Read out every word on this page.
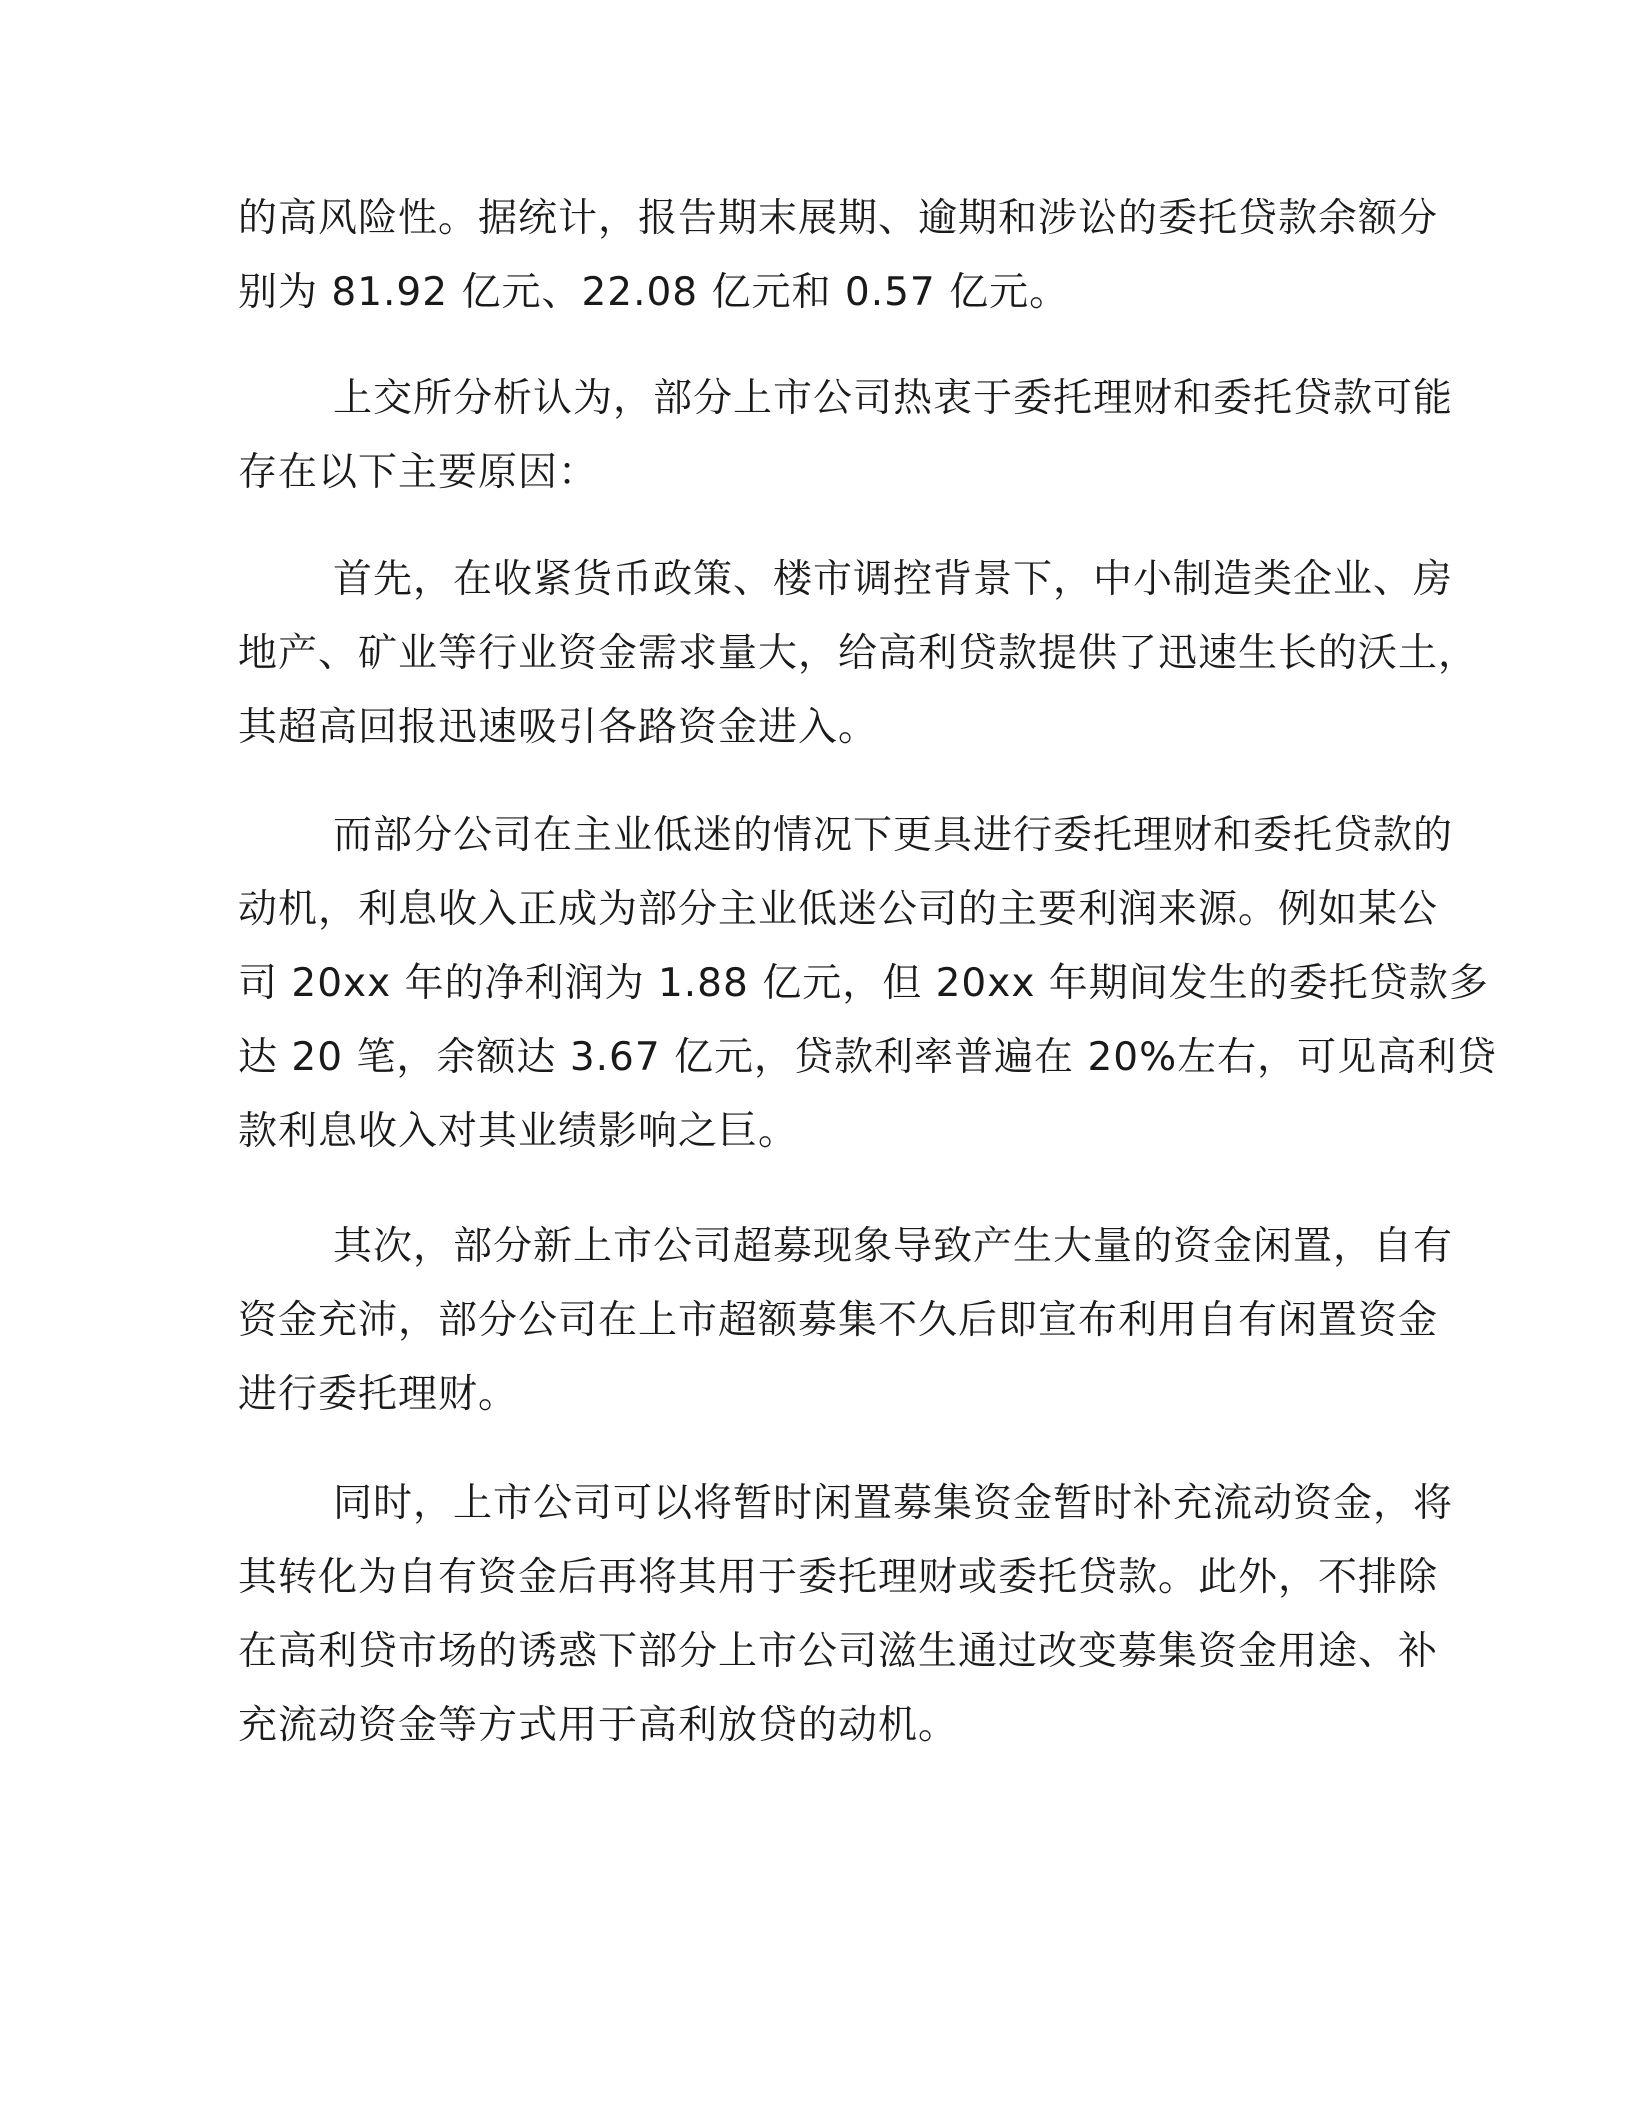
的高风险性。据统计，报告期末展期、逾期和涉讼的委托贷款余额分
别为 81.92 亿元、22.08 亿元和 0.57 亿元。
上交所分析认为，部分上市公司热衷于委托理财和委托贷款可能
存在以下主要原因：
首先，在收紧货币政策、楼市调控背景下，中小制造类企业、房
地产、矿业等行业资金需求量大，给高利贷款提供了迅速生长的沃土，
其超高回报迅速吸引各路资金进入。
而部分公司在主业低迷的情况下更具进行委托理财和委托贷款的
动机，利息收入正成为部分主业低迷公司的主要利润来源。例如某公
司 20xx 年的净利润为 1.88 亿元，但 20xx 年期间发生的委托贷款多
达 20 笔，余额达 3.67 亿元，贷款利率普遍在 20%左右，可见高利贷
款利息收入对其业绩影响之巨。
其次，部分新上市公司超募现象导致产生大量的资金闲置，自有
资金充沛，部分公司在上市超额募集不久后即宣布利用自有闲置资金
进行委托理财。
同时，上市公司可以将暂时闲置募集资金暂时补充流动资金，将
其转化为自有资金后再将其用于委托理财或委托贷款。此外，不排除
在高利贷市场的诱惑下部分上市公司滋生通过改变募集资金用途、补
充流动资金等方式用于高利放贷的动机。
